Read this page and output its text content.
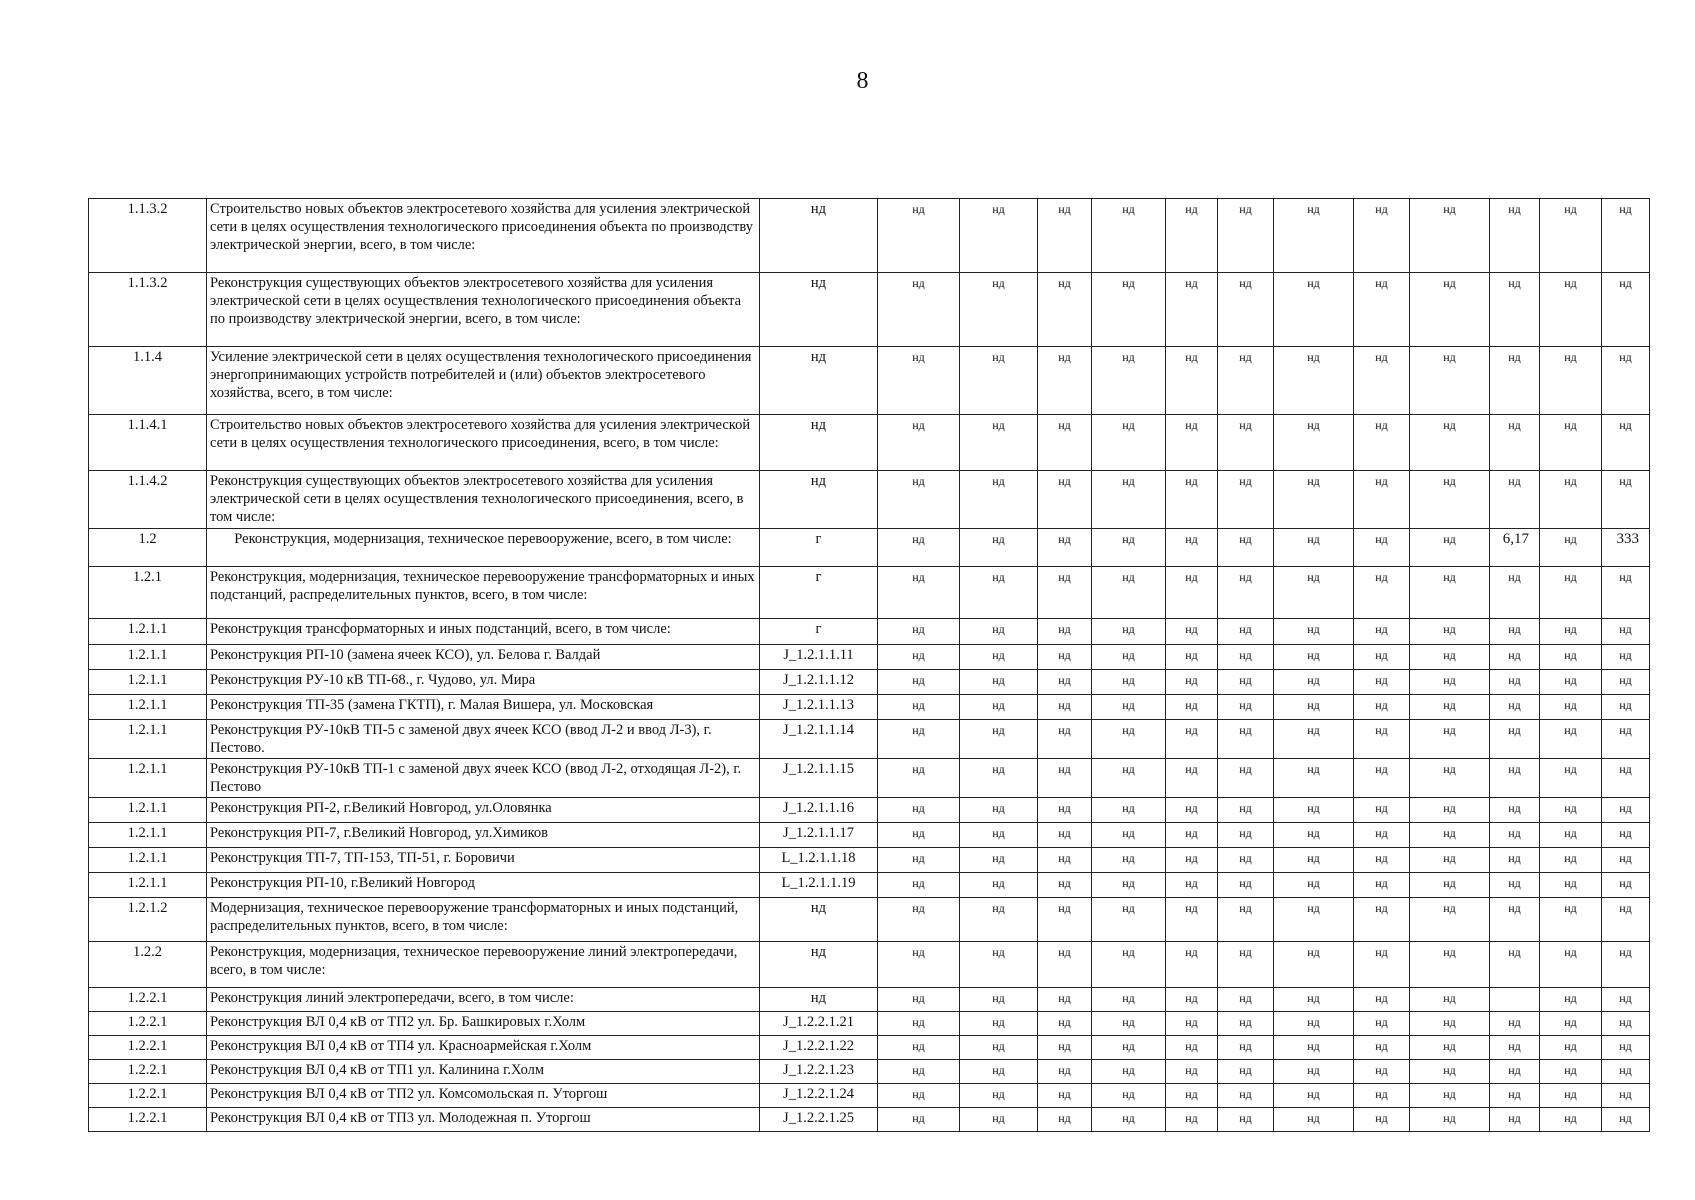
8
1.1.3.2	Строительство новых объектов электросетевого хозяйства для усиления электрической сети в целях осуществления технологического присоединения объекта по производству электрической энергии, всего, в том числе:	нд	нд	нд	нд	нд	нд	нд	нд	нд	нд	нд	нд	нд
1.1.3.2	Реконструкция существующих объектов электросетевого хозяйства для усиления электрической сети в целях осуществления технологического присоединения объекта по производству электрической энергии, всего, в том числе:	нд	нд	нд	нд	нд	нд	нд	нд	нд	нд	нд	нд	нд
1.1.4	Усиление электрической сети в целях осуществления технологического присоединения энергопринимающих устройств потребителей и (или) объектов электросетевого хозяйства, всего, в том числе:	нд	нд	нд	нд	нд	нд	нд	нд	нд	нд	нд	нд	нд
1.1.4.1	Строительство новых объектов электросетевого хозяйства для усиления электрической сети в целях осуществления технологического присоединения, всего, в том числе:	нд	нд	нд	нд	нд	нд	нд	нд	нд	нд	нд	нд	нд
1.1.4.2	Реконструкция существующих объектов электросетевого хозяйства для усиления электрической сети в целях осуществления технологического присоединения, всего, в том числе:	нд	нд	нд	нд	нд	нд	нд	нд	нд	нд	нд	нд	нд
1.2	Реконструкция, модернизация, техническое перевооружение, всего, в том числе:	г	нд	нд	нд	нд	нд	нд	нд	нд	нд	6,17	нд	333
1.2.1	Реконструкция, модернизация, техническое перевооружение трансформаторных и иных подстанций, распределительных пунктов, всего, в том числе:	г	нд	нд	нд	нд	нд	нд	нд	нд	нд	нд	нд	нд
1.2.1.1	Реконструкция трансформаторных и иных подстанций, всего, в том числе:	г	нд	нд	нд	нд	нд	нд	нд	нд	нд	нд	нд	нд
1.2.1.1	Реконструкция РП-10 (замена ячеек КСО), ул. Белова г. Валдай	J_1.2.1.1.11	нд	нд	нд	нд	нд	нд	нд	нд	нд	нд	нд	нд
1.2.1.1	Реконструкция РУ-10 кВ ТП-68., г. Чудово, ул. Мира	J_1.2.1.1.12	нд	нд	нд	нд	нд	нд	нд	нд	нд	нд	нд	нд
1.2.1.1	Реконструкция ТП-35 (замена ГКТП), г. Малая Вишера, ул. Московская	J_1.2.1.1.13	нд	нд	нд	нд	нд	нд	нд	нд	нд	нд	нд	нд
1.2.1.1	Реконструкция РУ-10кВ ТП-5 с заменой двух ячеек КСО (ввод Л-2 и ввод Л-3), г. Пестово.	J_1.2.1.1.14	нд	нд	нд	нд	нд	нд	нд	нд	нд	нд	нд	нд
1.2.1.1	Реконструкция РУ-10кВ ТП-1 с заменой двух ячеек КСО (ввод Л-2, отходящая Л-2), г. Пестово	J_1.2.1.1.15	нд	нд	нд	нд	нд	нд	нд	нд	нд	нд	нд	нд
1.2.1.1	Реконструкция РП-2, г.Великий Новгород, ул.Оловянка	J_1.2.1.1.16	нд	нд	нд	нд	нд	нд	нд	нд	нд	нд	нд	нд
1.2.1.1	Реконструкция РП-7, г.Великий Новгород, ул.Химиков	J_1.2.1.1.17	нд	нд	нд	нд	нд	нд	нд	нд	нд	нд	нд	нд
1.2.1.1	Реконструкция ТП-7, ТП-153, ТП-51, г. Боровичи	L_1.2.1.1.18	нд	нд	нд	нд	нд	нд	нд	нд	нд	нд	нд	нд
1.2.1.1	Реконструкция РП-10, г.Великий Новгород	L_1.2.1.1.19	нд	нд	нд	нд	нд	нд	нд	нд	нд	нд	нд	нд
1.2.1.2	Модернизация, техническое перевооружение трансформаторных и иных подстанций, распределительных пунктов, всего, в том числе:	нд	нд	нд	нд	нд	нд	нд	нд	нд	нд	нд	нд	нд
1.2.2	Реконструкция, модернизация, техническое перевооружение линий электропередачи, всего, в том числе:	нд	нд	нд	нд	нд	нд	нд	нд	нд	нд	нд	нд	нд
1.2.2.1	Реконструкция линий электропередачи, всего, в том числе:	нд	нд	нд	нд	нд	нд	нд	нд	нд	нд		нд	нд
1.2.2.1	Реконструкция ВЛ 0,4 кВ от ТП2 ул. Бр. Башкировых г.Холм	J_1.2.2.1.21	нд	нд	нд	нд	нд	нд	нд	нд	нд	нд	нд	нд
1.2.2.1	Реконструкция ВЛ 0,4 кВ от ТП4 ул. Красноармейская г.Холм	J_1.2.2.1.22	нд	нд	нд	нд	нд	нд	нд	нд	нд	нд	нд	нд
1.2.2.1	Реконструкция ВЛ 0,4 кВ от ТП1 ул. Калинина г.Холм	J_1.2.2.1.23	нд	нд	нд	нд	нд	нд	нд	нд	нд	нд	нд	нд
1.2.2.1	Реконструкция ВЛ 0,4 кВ от ТП2 ул. Комсомольская п. Уторгош	J_1.2.2.1.24	нд	нд	нд	нд	нд	нд	нд	нд	нд	нд	нд	нд
1.2.2.1	Реконструкция ВЛ 0,4 кВ от ТП3 ул. Молодежная п. Уторгош	J_1.2.2.1.25	нд	нд	нд	нд	нд	нд	нд	нд	нд	нд	нд	нд
